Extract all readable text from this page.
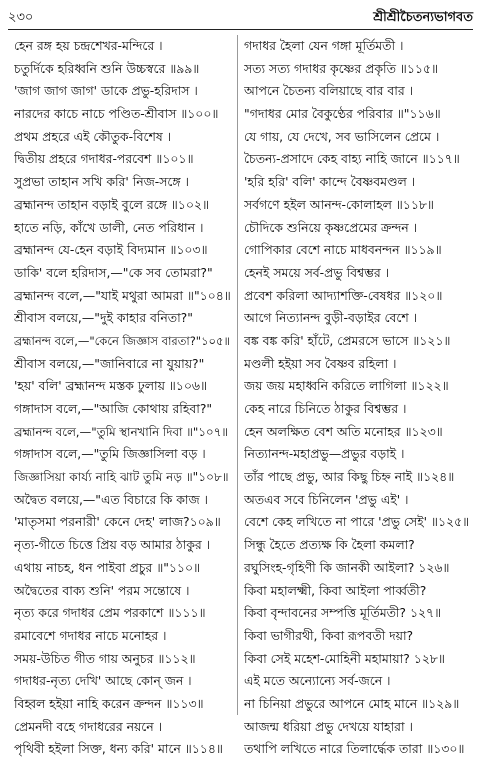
২৩০	শ্রীশ্রীচৈতন্যভাগবত
হেন রঙ্গ হয় চন্দ্রশেখর-মন্দিরে ।
চতুর্দিকে হরিধ্বনি শুনি উচ্চস্বরে ॥৯৯॥
'জাগ জাগ জাগ' ডাকে প্রভু-হরিদাস ।
নারদের কাচে নাচে পণ্ডিত-শ্রীবাস ॥১০০॥
প্রথম প্রহরে এই কৌতুক-বিশেষ ।
দ্বিতীয় প্রহরে গদাধর-পরবেশ ॥১০১॥
সুপ্রভা তাহান সখি করি' নিজ-সঙ্গে ।
ব্রহ্মানন্দ তাহান বড়াই বুলে রঙ্গে ॥১০২॥
হাতে নড়ি, কাঁখে ডালী, নেত পরিধান ।
ব্রহ্মানন্দ যে-হেন বড়াই বিদ্যমান ॥১০৩॥
ডাকি' বলে হরিদাস,—"কে সব তোমরা?"
ব্রহ্মানন্দ বলে,—"যাই মথুরা আমরা ॥"১০৪॥
শ্রীবাস বলয়ে,—"দুই কাহার বনিতা?"
ব্রহ্মানন্দ বলে,—"কেনে জিজ্ঞাস বারতা?"১০৫॥
শ্রীবাস বলয়ে,—"জানিবারে না যুয়ায়?"
'হয়' বলি' ব্রহ্মানন্দ মস্তক ঢুলায় ॥১০৬॥
গঙ্গাদাস বলে,—"আজি কোথায় রহিবা?"
ব্রহ্মানন্দ বলে,—"তুমি স্থানখানি দিবা ॥"১০৭॥
গঙ্গাদাস বলে,—"তুমি জিজ্ঞাসিলা বড় ।
জিজ্ঞাসিয়া কার্য্য নাহি ঝাট তুমি নড় ॥"১০৮॥
অদ্বৈত বলয়ে,—"এত বিচারে কি কাজ ।
'মাতৃসমা পরনারী' কেনে দেহ' লাজ?১০৯॥
নৃত্য-গীতে চিত্তে প্রিয় বড় আমার ঠাকুর ।
এথায় নাচহ, ধন পাইবা প্রচুর ॥"১১০॥
অদ্বৈতের বাক্য শুনি' পরম সন্তোষে ।
নৃত্য করে গদাধর প্রেম পরকাশে ॥১১১॥
রমাবেশে গদাধর নাচে মনোহর ।
সময়-উচিত গীত গায় অনুচর ॥১১২॥
গদাধর-নৃত্য দেখি' আছে কোন্ জন ।
বিহ্বল হইয়া নাহি করেন ক্রন্দন ॥১১৩॥
প্রেমনদী বহে গদাধরের নয়নে ।
পৃথিবী হইলা সিক্ত, ধন্য করি' মানে ॥১১৪॥
গদাধর হৈলা যেন গঙ্গা মূর্তিমতী ।
সত্য সত্য গদাধর কৃষ্ণের প্রকৃতি ॥১১৫॥
আপনে চৈতন্য বলিয়াছে বার বার ।
"গদাধর মোর বৈকুণ্ঠের পরিবার ॥"১১৬॥
যে গায়, যে দেখে, সব ভাসিলেন প্রেমে ।
চৈতন্য-প্রসাদে কেহ বাহ্য নাহি জানে ॥১১৭॥
'হরি হরি' বলি' কান্দে বৈষ্ণবমণ্ডল ।
সর্বগণে হইল আনন্দ-কোলাহল ॥১১৮॥
চৌদিকে শুনিয়ে কৃষ্ণপ্রেমের ক্রন্দন ।
গোপিকার বেশে নাচে মাধবনন্দন ॥১১৯॥
হেনই সময়ে সর্ব-প্রভু বিশ্বম্ভর ।
প্রবেশ করিলা আদ্যাশক্তি-বেষধর ॥১২০॥
আগে নিত্যানন্দ বুড়ী-বড়াইর বেশে ।
বঙ্ক বঙ্ক করি' হাঁটে, প্রেমরসে ভাসে ॥১২১॥
মণ্ডলী হইয়া সব বৈষ্ণব রহিলা ।
জয় জয় মহাধ্বনি করিতে লাগিলা ॥১২২॥
কেহ নারে চিনিতে ঠাকুর বিশ্বম্ভর ।
হেন অলক্ষিত বেশ অতি মনোহর ॥১২৩॥
নিত্যানন্দ-মহাপ্রভু—প্রভুর বড়াই ।
তাঁর পাছে প্রভু, আর কিছু চিহ্ন নাই ॥১২৪॥
অতএব সবে চিনিলেন 'প্রভু এই' ।
বেশে কেহ লখিতে না পারে 'প্রভু সেই' ॥১২৫॥
সিন্ধু হৈতে প্রত্যক্ষ কি হৈলা কমলা?
রঘুসিংহ-গৃহিণী কি জানকী আইলা? ১২৬॥
কিবা মহালক্ষ্মী, কিবা আইলা পার্ব্বতী?
কিবা বৃন্দাবনের সম্পত্তি মূর্তিমতী? ১২৭॥
কিবা ভাগীরথী, কিবা রূপবতী দয়া?
কিবা সেই মহেশ-মোহিনী মহামায়া? ১২৮॥
এই মতে অন্যোন্যে সর্ব-জনে ।
না চিনিয়া প্রভুরে আপনে মোহ মানে ॥১২৯॥
আজন্ম ধরিয়া প্রভু দেখয়ে যাহারা ।
তথাপি লখিতে নারে তিলার্দ্ধেক তারা ॥১৩০॥
